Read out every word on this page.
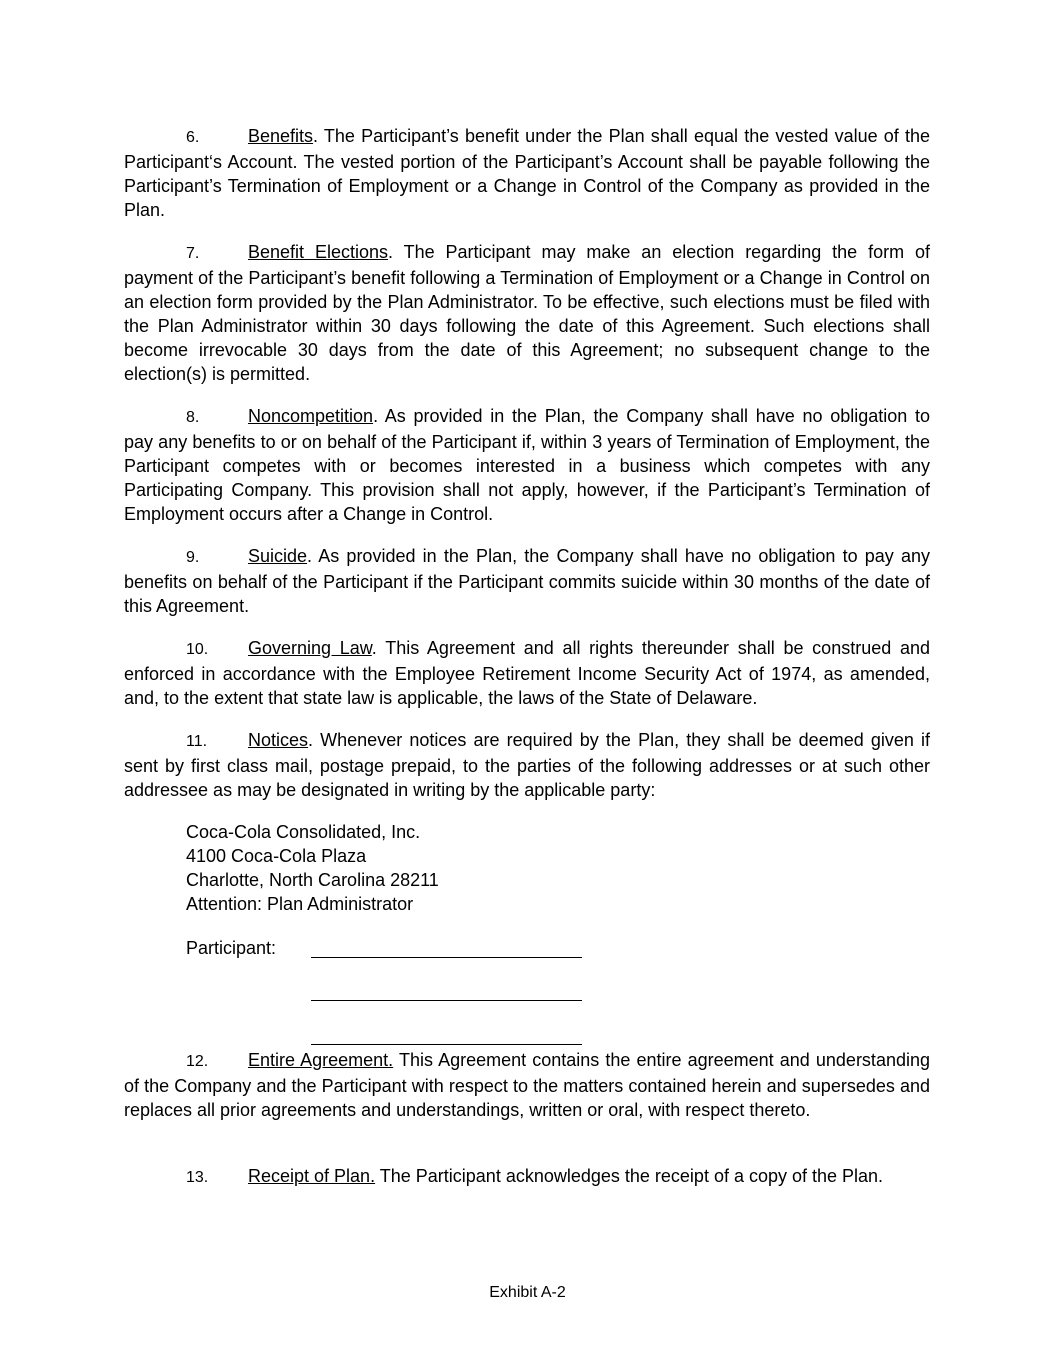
6.	Benefits. The Participant’s benefit under the Plan shall equal the vested value of the Participant‘s Account. The vested portion of the Participant’s Account shall be payable following the Participant’s Termination of Employment or a Change in Control of the Company as provided in the Plan.
7.	Benefit Elections. The Participant may make an election regarding the form of payment of the Participant’s benefit following a Termination of Employment or a Change in Control on an election form provided by the Plan Administrator. To be effective, such elections must be filed with the Plan Administrator within 30 days following the date of this Agreement. Such elections shall become irrevocable 30 days from the date of this Agreement; no subsequent change to the election(s) is permitted.
8.	Noncompetition. As provided in the Plan, the Company shall have no obligation to pay any benefits to or on behalf of the Participant if, within 3 years of Termination of Employment, the Participant competes with or becomes interested in a business which competes with any Participating Company. This provision shall not apply, however, if the Participant’s Termination of Employment occurs after a Change in Control.
9.	Suicide. As provided in the Plan, the Company shall have no obligation to pay any benefits on behalf of the Participant if the Participant commits suicide within 30 months of the date of this Agreement.
10. Governing Law. This Agreement and all rights thereunder shall be construed and enforced in accordance with the Employee Retirement Income Security Act of 1974, as amended, and, to the extent that state law is applicable, the laws of the State of Delaware.
11. Notices. Whenever notices are required by the Plan, they shall be deemed given if sent by first class mail, postage prepaid, to the parties of the following addresses or at such other addressee as may be designated in writing by the applicable party:
Coca-Cola Consolidated, Inc.
4100 Coca-Cola Plaza
Charlotte, North Carolina 28211
Attention: Plan Administrator
Participant:
12. Entire Agreement. This Agreement contains the entire agreement and understanding of the Company and the Participant with respect to the matters contained herein and supersedes and replaces all prior agreements and understandings, written or oral, with respect thereto.
13. Receipt of Plan. The Participant acknowledges the receipt of a copy of the Plan.
Exhibit A-2
